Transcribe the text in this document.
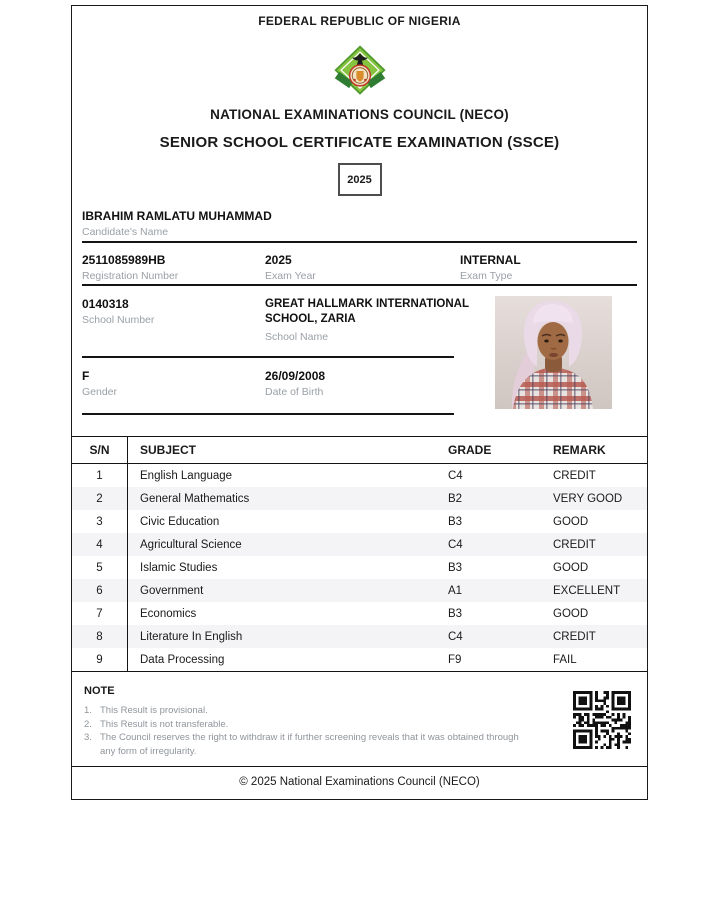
FEDERAL REPUBLIC OF NIGERIA
NATIONAL EXAMINATIONS COUNCIL (NECO)
SENIOR SCHOOL CERTIFICATE EXAMINATION (SSCE)
2025
IBRAHIM RAMLATU MUHAMMAD
Candidate's Name
2511085989HB
Registration Number
2025
Exam Year
INTERNAL
Exam Type
0140318
School Number
GREAT HALLMARK INTERNATIONAL SCHOOL, ZARIA
School Name
F
Gender
26/09/2008
Date of Birth
S/N	SUBJECT	GRADE	REMARK
1	English Language	C4	CREDIT
2	General Mathematics	B2	VERY GOOD
3	Civic Education	B3	GOOD
4	Agricultural Science	C4	CREDIT
5	Islamic Studies	B3	GOOD
6	Government	A1	EXCELLENT
7	Economics	B3	GOOD
8	Literature In English	C4	CREDIT
9	Data Processing	F9	FAIL
NOTE
1. This Result is provisional.
2. This Result is not transferable.
3. The Council reserves the right to withdraw it if further screening reveals that it was obtained through any form of irregularity.
© 2025 National Examinations Council (NECO)
